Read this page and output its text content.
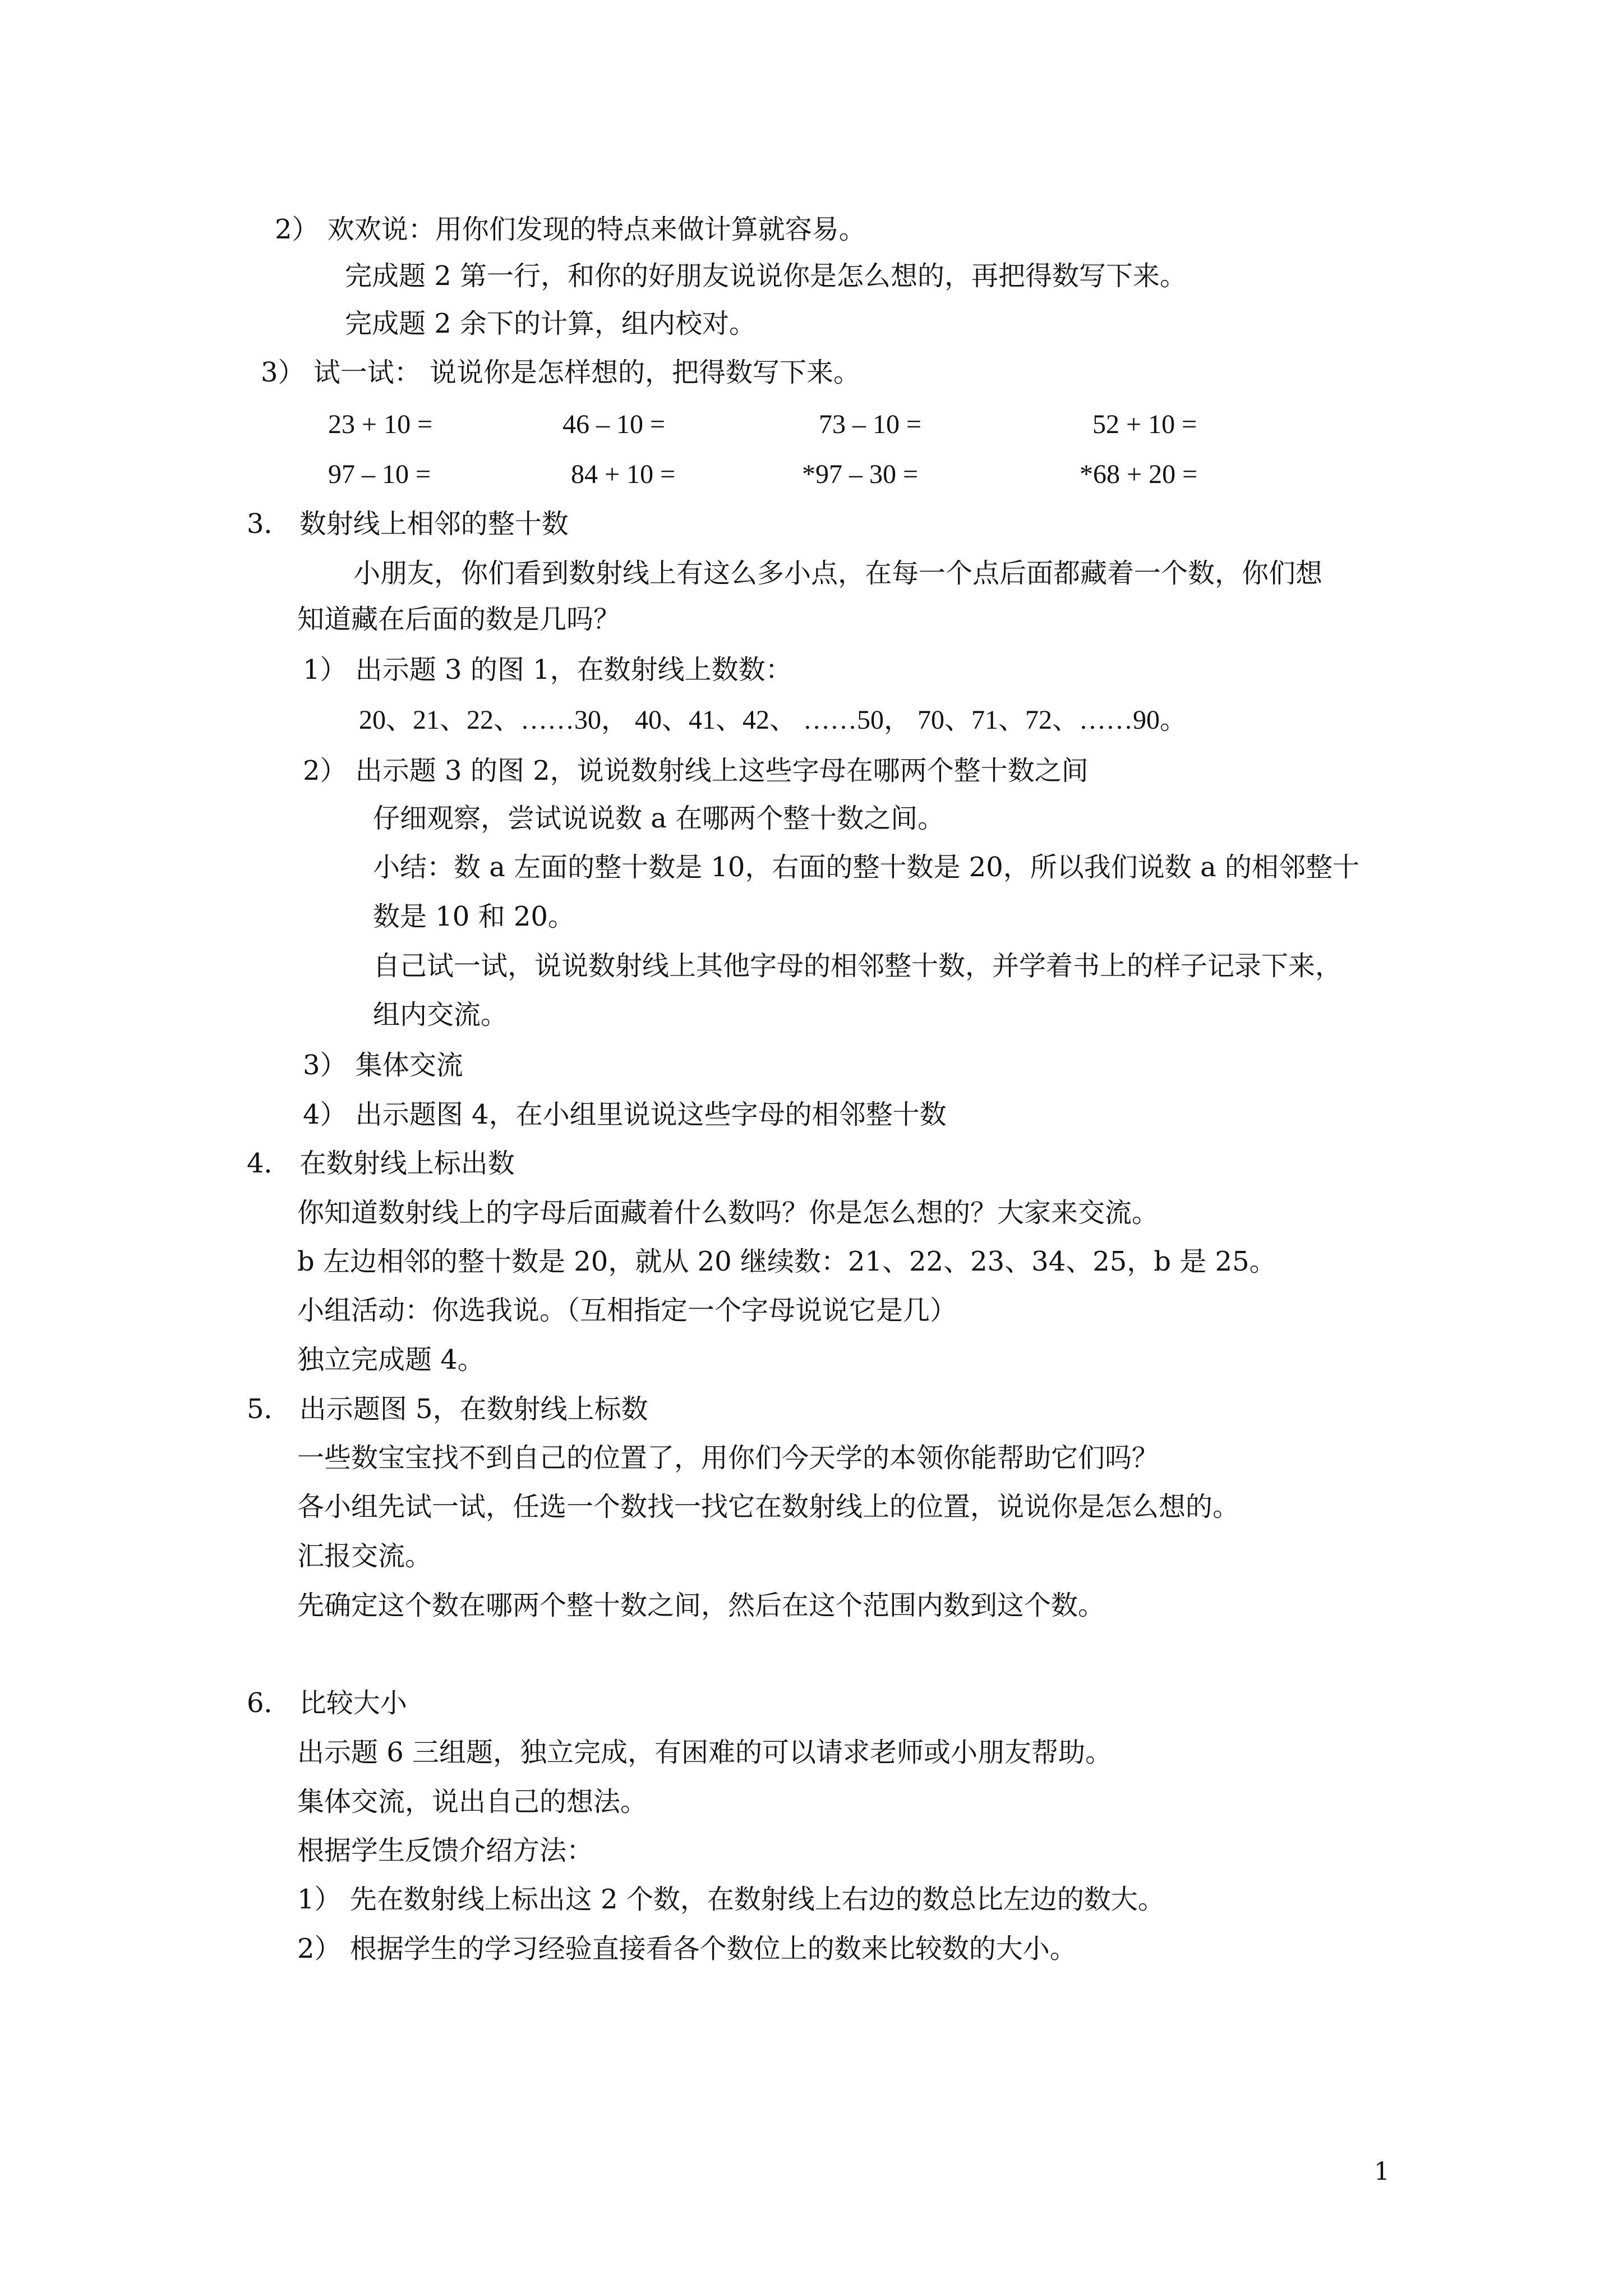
2） 欢欢说：用你们发现的特点来做计算就容易。
完成题 2 第一行，和你的好朋友说说你是怎么想的，再把得数写下来。
完成题 2 余下的计算，组内校对。
3） 试一试： 说说你是怎样想的，把得数写下来。
23 + 10 =	46 – 10 =	73 – 10 =	52 + 10 =
97 – 10 =	84 + 10 =	*97 – 30 =	*68 + 20 =
3． 数射线上相邻的整十数
小朋友，你们看到数射线上有这么多小点，在每一个点后面都藏着一个数，你们想
知道藏在后面的数是几吗？
1） 出示题 3 的图 1，在数射线上数数：
20、21、22、……30， 40、41、42、 ……50， 70、71、72、……90。
2） 出示题 3 的图 2，说说数射线上这些字母在哪两个整十数之间
仔细观察，尝试说说数 a 在哪两个整十数之间。
小结：数 a 左面的整十数是 10，右面的整十数是 20，所以我们说数 a 的相邻整十
数是 10 和 20。
自己试一试，说说数射线上其他字母的相邻整十数，并学着书上的样子记录下来，
组内交流。
3） 集体交流
4） 出示题图 4，在小组里说说这些字母的相邻整十数
4． 在数射线上标出数
你知道数射线上的字母后面藏着什么数吗？你是怎么想的？大家来交流。
b 左边相邻的整十数是 20，就从 20 继续数：21、22、23、34、25，b 是 25。
小组活动：你选我说。（互相指定一个字母说说它是几）
独立完成题 4。
5． 出示题图 5，在数射线上标数
一些数宝宝找不到自己的位置了，用你们今天学的本领你能帮助它们吗？
各小组先试一试，任选一个数找一找它在数射线上的位置，说说你是怎么想的。
汇报交流。
先确定这个数在哪两个整十数之间，然后在这个范围内数到这个数。
6． 比较大小
出示题 6 三组题，独立完成，有困难的可以请求老师或小朋友帮助。
集体交流，说出自己的想法。
根据学生反馈介绍方法：
1） 先在数射线上标出这 2 个数，在数射线上右边的数总比左边的数大。
2） 根据学生的学习经验直接看各个数位上的数来比较数的大小。
1
